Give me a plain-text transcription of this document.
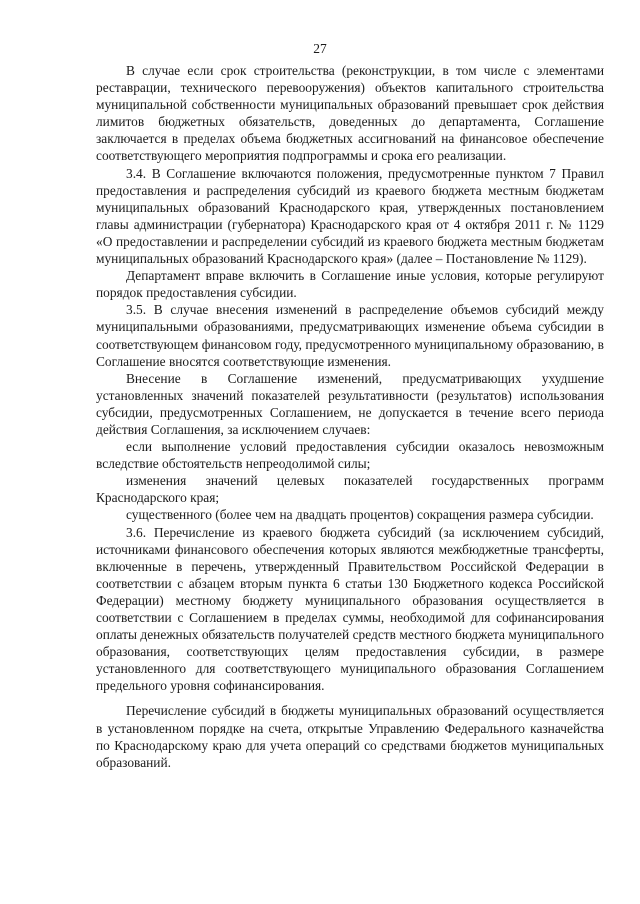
27

В случае если срок строительства (реконструкции, в том числе с элементами реставрации, технического перевооружения) объектов капитального строительства муниципальной собственности муниципальных образований превышает срок действия лимитов бюджетных обязательств, доведенных до департамента, Соглашение заключается в пределах объема бюджетных ассигнований на финансовое обеспечение соответствующего мероприятия подпрограммы и срока его реализации.

3.4. В Соглашение включаются положения, предусмотренные пунктом 7 Правил предоставления и распределения субсидий из краевого бюджета местным бюджетам муниципальных образований Краснодарского края, утвержденных постановлением главы администрации (губернатора) Краснодарского края от 4 октября 2011 г. № 1129 «О предоставлении и распределении субсидий из краевого бюджета местным бюджетам муниципальных образований Краснодарского края» (далее – Постановление № 1129).

Департамент вправе включить в Соглашение иные условия, которые регулируют порядок предоставления субсидии.

3.5. В случае внесения изменений в распределение объемов субсидий между муниципальными образованиями, предусматривающих изменение объема субсидии в соответствующем финансовом году, предусмотренного муниципальному образованию, в Соглашение вносятся соответствующие изменения.

Внесение в Соглашение изменений, предусматривающих ухудшение установленных значений показателей результативности (результатов) использования субсидии, предусмотренных Соглашением, не допускается в течение всего периода действия Соглашения, за исключением случаев:

если выполнение условий предоставления субсидии оказалось невозможным вследствие обстоятельств непреодолимой силы;

изменения значений целевых показателей государственных программ Краснодарского края;

существенного (более чем на двадцать процентов) сокращения размера субсидии.

3.6. Перечисление из краевого бюджета субсидий (за исключением субсидий, источниками финансового обеспечения которых являются межбюджетные трансферты, включенные в перечень, утвержденный Правительством Российской Федерации в соответствии с абзацем вторым пункта 6 статьи 130 Бюджетного кодекса Российской Федерации) местному бюджету муниципального образования осуществляется в соответствии с Соглашением в пределах суммы, необходимой для софинансирования оплаты денежных обязательств получателей средств местного бюджета муниципального образования, соответствующих целям предоставления субсидии, в размере установленного для соответствующего муниципального образования Соглашением предельного уровня софинансирования.

Перечисление субсидий в бюджеты муниципальных образований осуществляется в установленном порядке на счета, открытые Управлению Федерального казначейства по Краснодарскому краю для учета операций со средствами бюджетов муниципальных образований.
